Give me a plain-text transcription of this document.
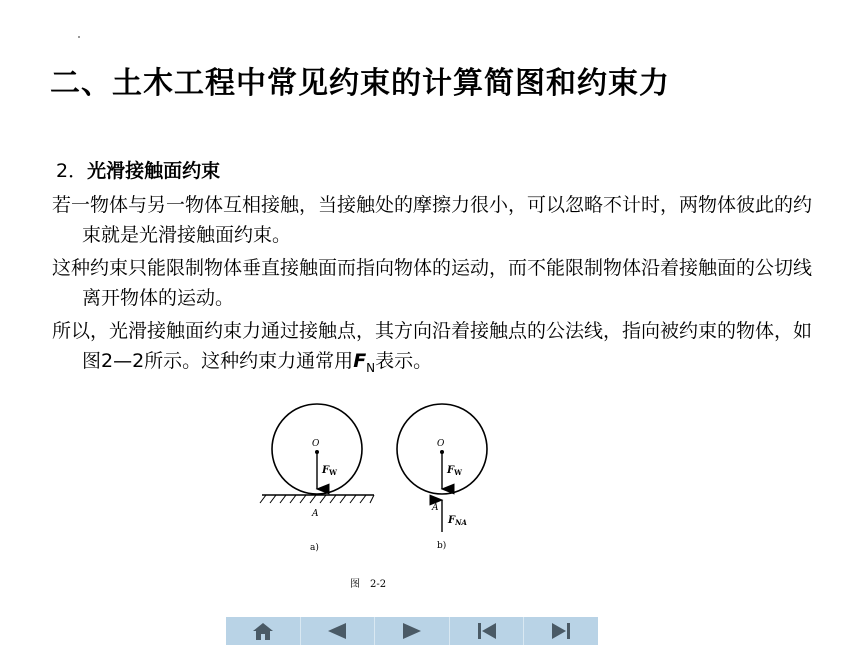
二、土木工程中常见约束的计算简图和约束力
2．光滑接触面约束
若一物体与另一物体互相接触，当接触处的摩擦力很小，可以忽略不计时，两物体彼此的约束就是光滑接触面约束。
这种约束只能限制物体垂直接触面而指向物体的运动，而不能限制物体沿着接触面的公切线离开物体的运动。
所以，光滑接触面约束力通过接触点，其方向沿着接触点的公法线，指向被约束的物体，如图2—2所示。这种约束力通常用$F_N$表示。
O
$F_W$
A
a)
O
$F_W$
A
$F_{NA}$
b)
图　2-2
